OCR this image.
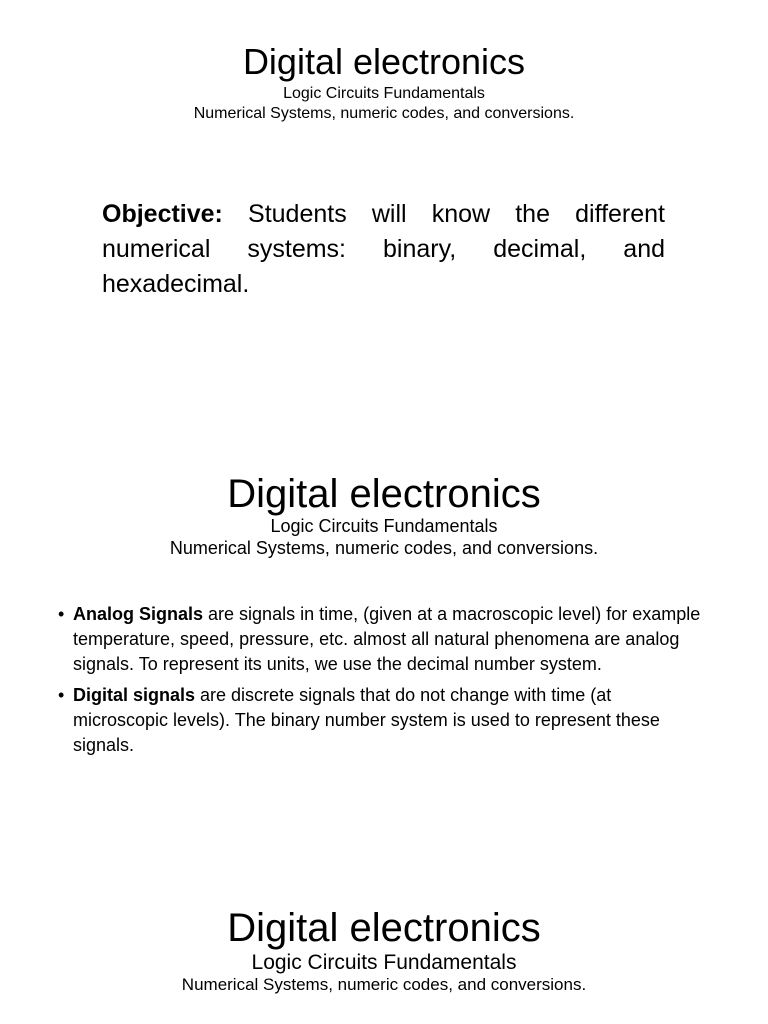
Digital electronics

Logic Circuits Fundamentals

Numerical Systems, numeric codes, and conversions.

Objective: Students will know the different numerical systems: binary, decimal, and hexadecimal.

Digital electronics

Logic Circuits Fundamentals

Numerical Systems, numeric codes, and conversions.

• Analog Signals are signals in time, (given at a macroscopic level) for example temperature, speed, pressure, etc. almost all natural phenomena are analog signals. To represent its units, we use the decimal number system.
• Digital signals are discrete signals that do not change with time (at microscopic levels). The binary number system is used to represent these signals.
Digital electronics

Logic Circuits Fundamentals

Numerical Systems, numeric codes, and conversions.
